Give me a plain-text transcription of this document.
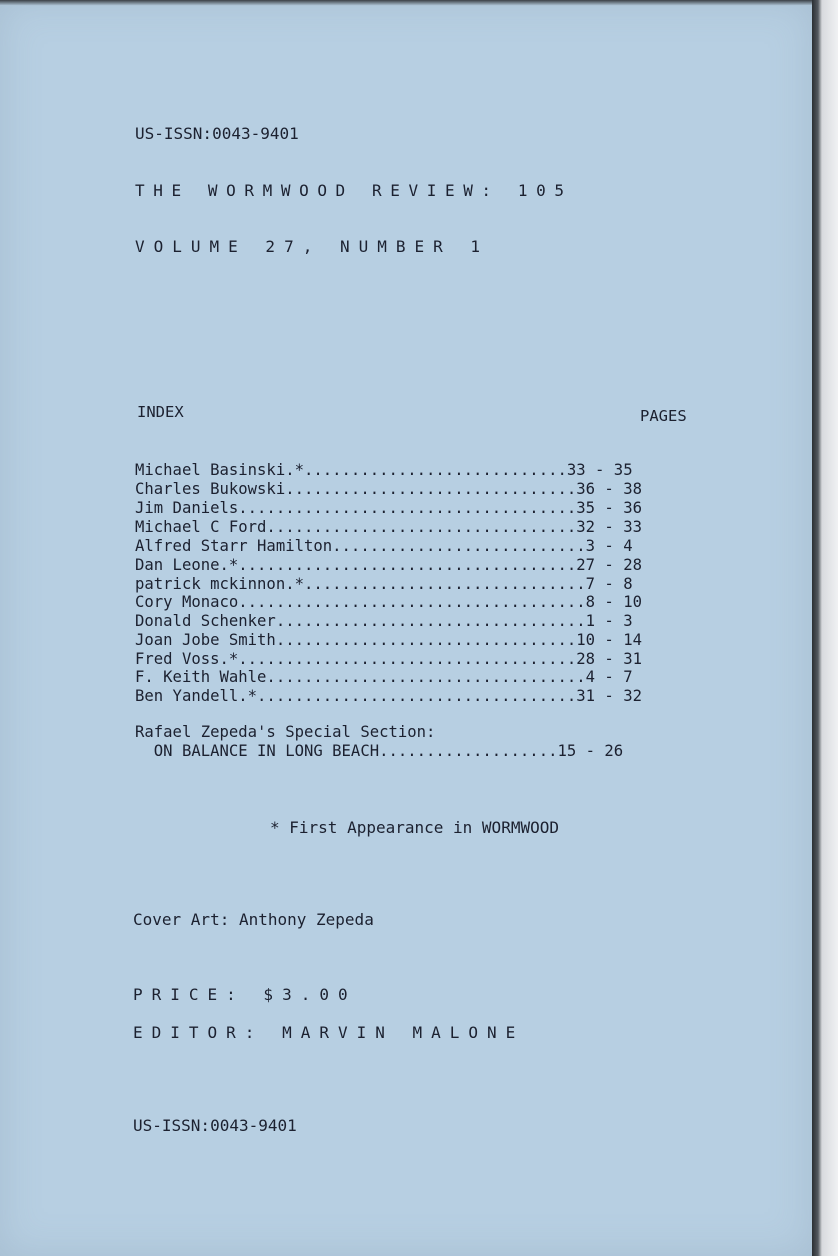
US-ISSN:0043-9401
THE WORMWOOD REVIEW: 105
VOLUME 27, NUMBER 1
INDEX	PAGES
Michael Basinski.*............................33 - 35
Charles Bukowski...............................36 - 38
Jim Daniels....................................35 - 36
Michael C Ford.................................32 - 33
Alfred Starr Hamilton...........................3 - 4
Dan Leone.*....................................27 - 28
patrick mckinnon.*..............................7 - 8
Cory Monaco.....................................8 - 10
Donald Schenker.................................1 - 3
Joan Jobe Smith................................10 - 14
Fred Voss.*....................................28 - 31
F. Keith Wahle..................................4 - 7
Ben Yandell.*..................................31 - 32
Rafael Zepeda's Special Section:
ON BALANCE IN LONG BEACH...................15 - 26
* First Appearance in WORMWOOD
Cover Art: Anthony Zepeda
PRICE: $3.00
EDITOR: MARVIN MALONE
US-ISSN:0043-9401
